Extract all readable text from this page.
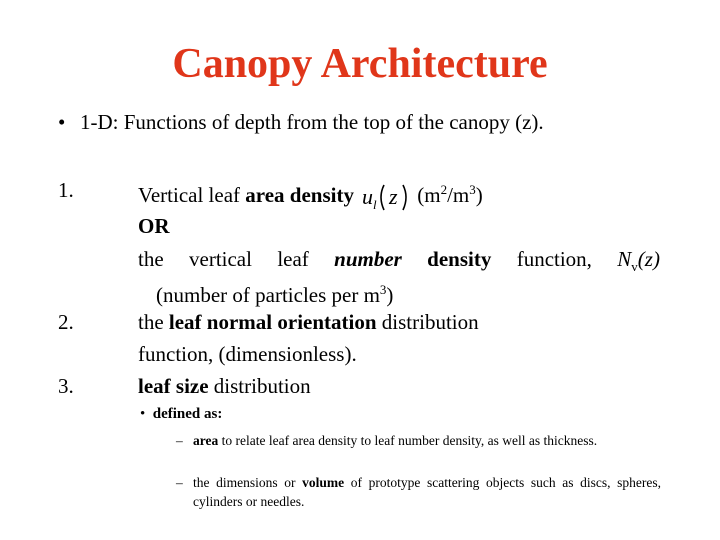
Canopy Architecture
• 1-D: Functions of depth from the top of the canopy (z).
1.
2.
3.
Vertical leaf area density u l z $(m^2/m^3)$
OR
the vertical leaf number density function, $N_v(z)$
(number of particles per $m^3$)
the leaf normal orientation distribution
function, (dimensionless).
leaf size distribution
• defined as:
– area to relate leaf area density to leaf number density, as well as thickness.
– the dimensions or volume of prototype scattering objects such as discs, spheres, cylinders or needles.
